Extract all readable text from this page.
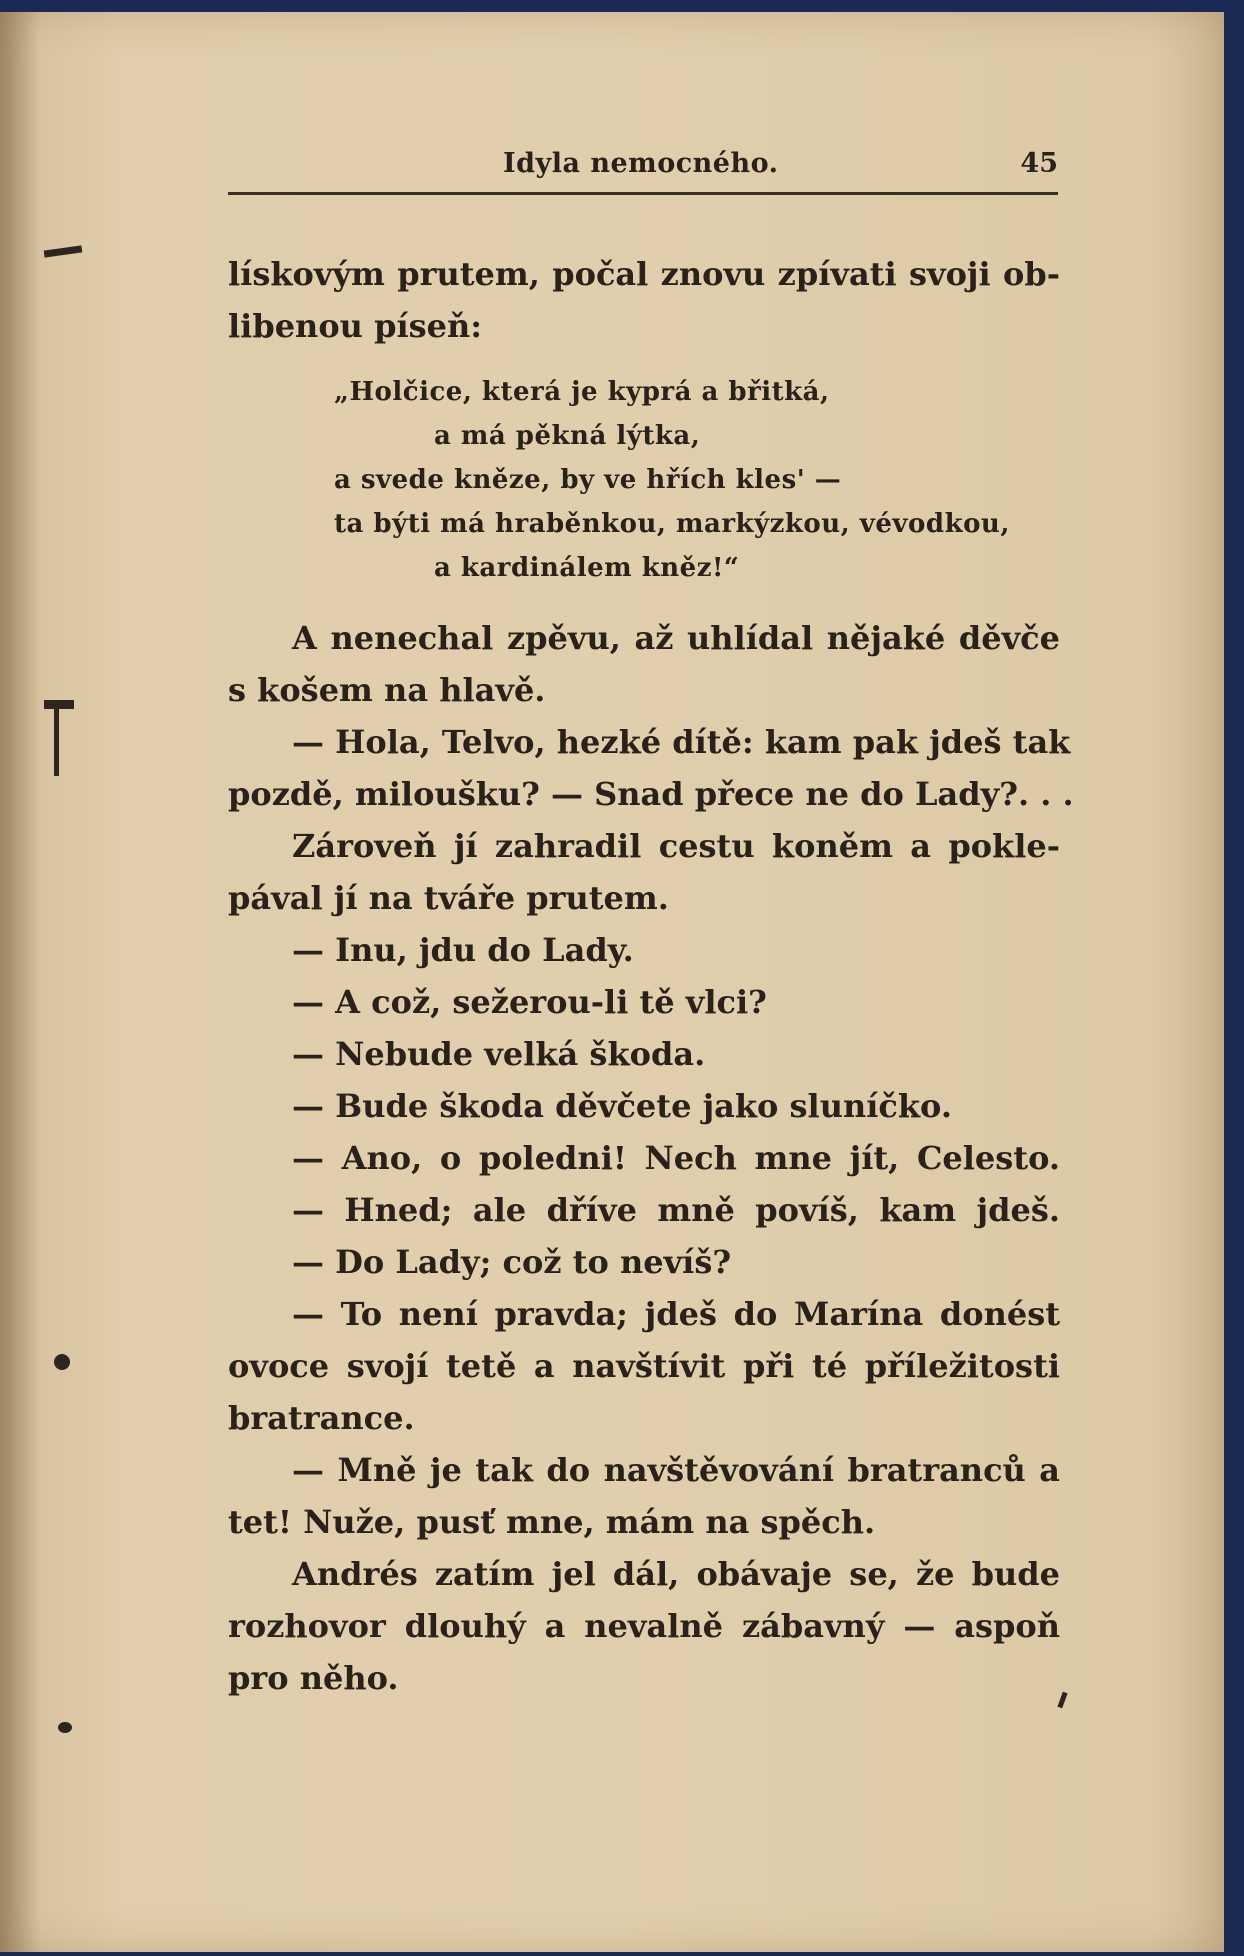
Idyla nemocného.	45
lískovým prutem, počal znovu zpívati svoji ob-
libenou píseň:
„Holčice, která je kyprá a břitká,
a má pěkná lýtka,
a svede kněze, by ve hřích kles' —
ta býti má hraběnkou, markýzkou, vévodkou,
a kardinálem kněz!“
A nenechal zpěvu, až uhlídal nějaké děvče
s košem na hlavě.
— Hola, Telvo, hezké dítě: kam pak jdeš tak
pozdě, miloušku? — Snad přece ne do Lady?. . .
Zároveň jí zahradil cestu koněm a pokle-
pával jí na tváře prutem.
— Inu, jdu do Lady.
— A což, sežerou-li tě vlci?
— Nebude velká škoda.
— Bude škoda děvčete jako sluníčko.
— Ano, o poledni! Nech mne jít, Celesto.
— Hned; ale dříve mně povíš, kam jdeš.
— Do Lady; což to nevíš?
— To není pravda; jdeš do Marína donést
ovoce svojí tetě a navštívit při té příležitosti
bratrance.
— Mně je tak do navštěvování bratranců a
tet! Nuže, pusť mne, mám na spěch.
Andrés zatím jel dál, obávaje se, že bude
rozhovor dlouhý a nevalně zábavný — aspoň
pro něho.
